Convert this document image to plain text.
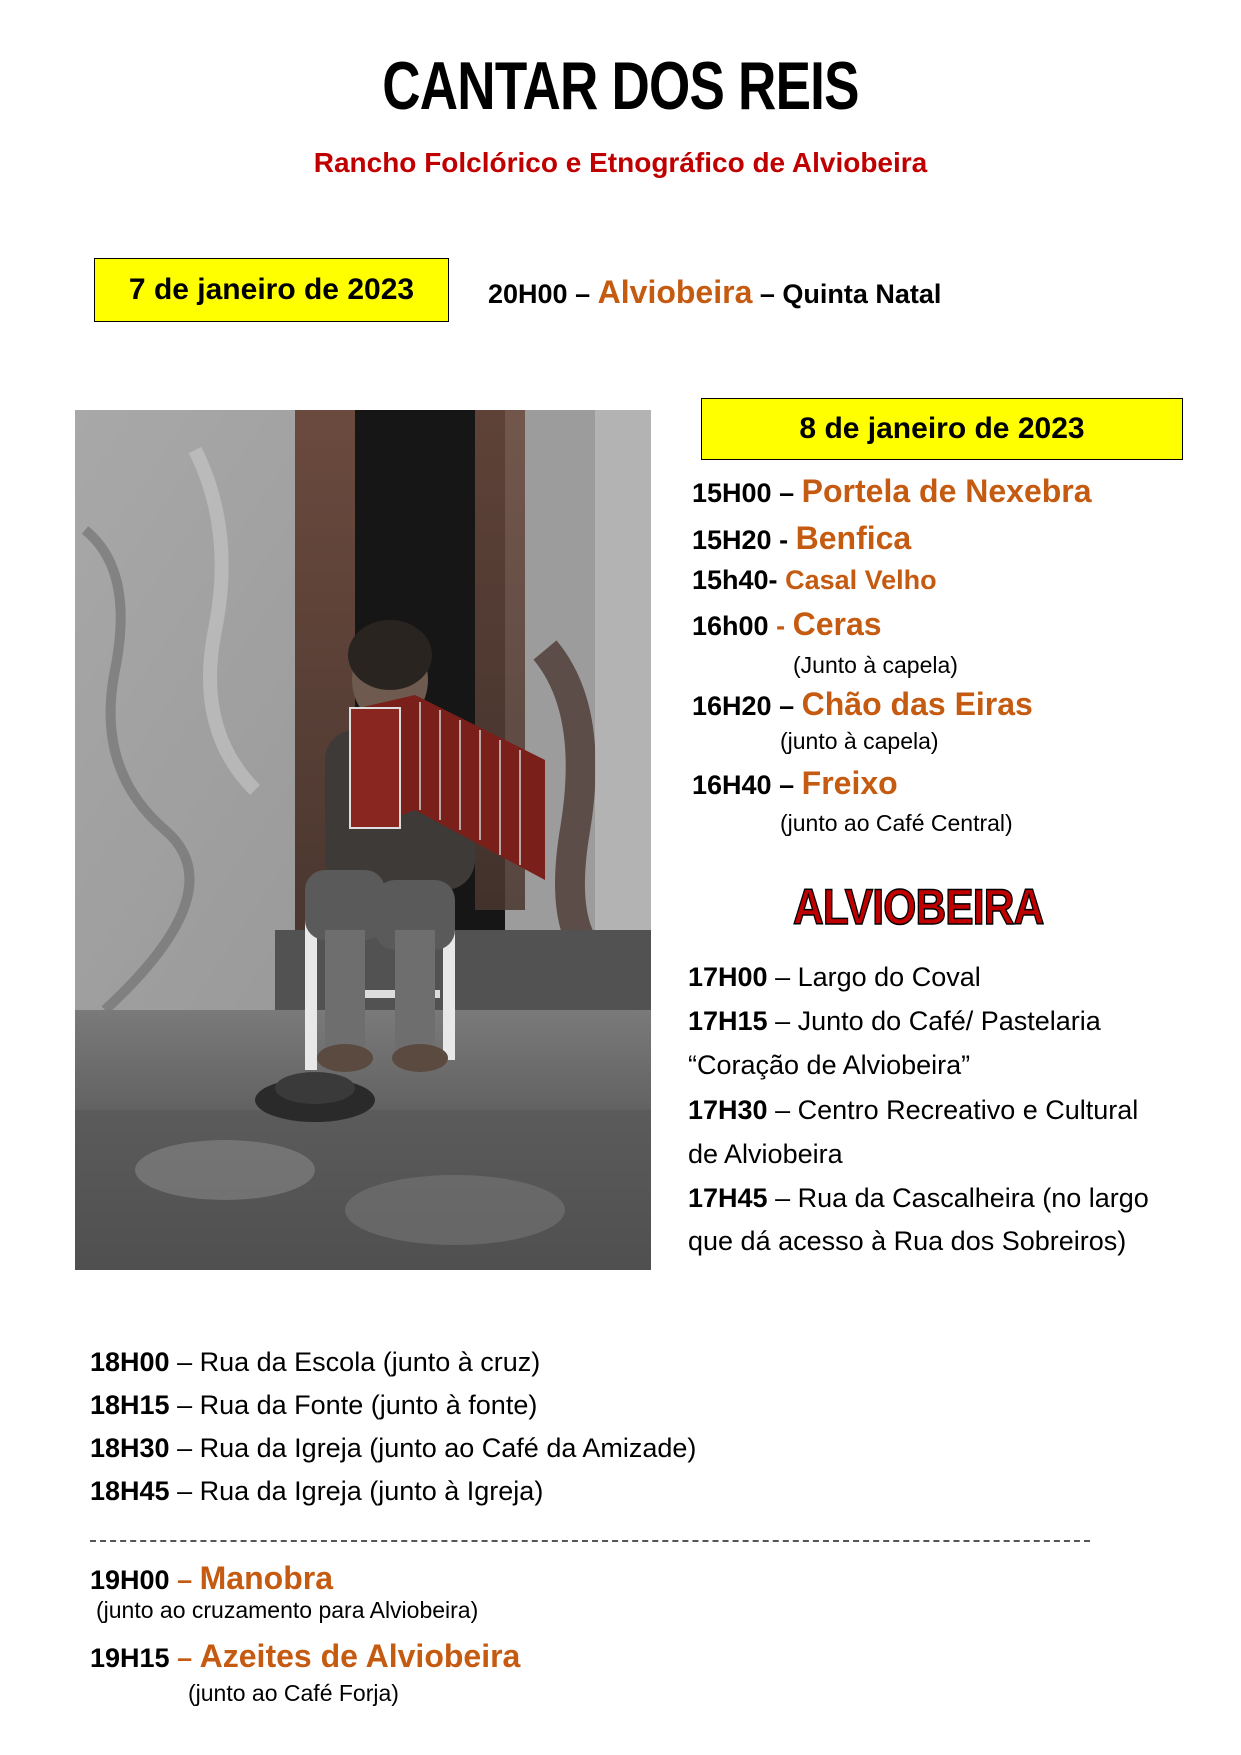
CANTAR DOS REIS
Rancho Folclórico e Etnográfico de Alviobeira
7 de janeiro de 2023	20H00 – Alviobeira – Quinta Natal
8 de janeiro de 2023
15H00 – Portela de Nexebra
15H20 - Benfica
15h40- Casal Velho
16h00 - Ceras
(Junto à capela)
16H20 – Chão das Eiras
(junto à capela)
16H40 – Freixo
(junto ao Café Central)
ALVIOBEIRA
17H00 – Largo do Coval
17H15 – Junto do Café/ Pastelaria
“Coração de Alviobeira”
17H30 – Centro Recreativo e Cultural
de Alviobeira
17H45 – Rua da Cascalheira (no largo
que dá acesso à Rua dos Sobreiros)
18H00 – Rua da Escola (junto à cruz)
18H15 – Rua da Fonte (junto à fonte)
18H30 – Rua da Igreja (junto ao Café da Amizade)
18H45 – Rua da Igreja (junto à Igreja)
19H00 – Manobra
(junto ao cruzamento para Alviobeira)
19H15 – Azeites de Alviobeira
(junto ao Café Forja)
